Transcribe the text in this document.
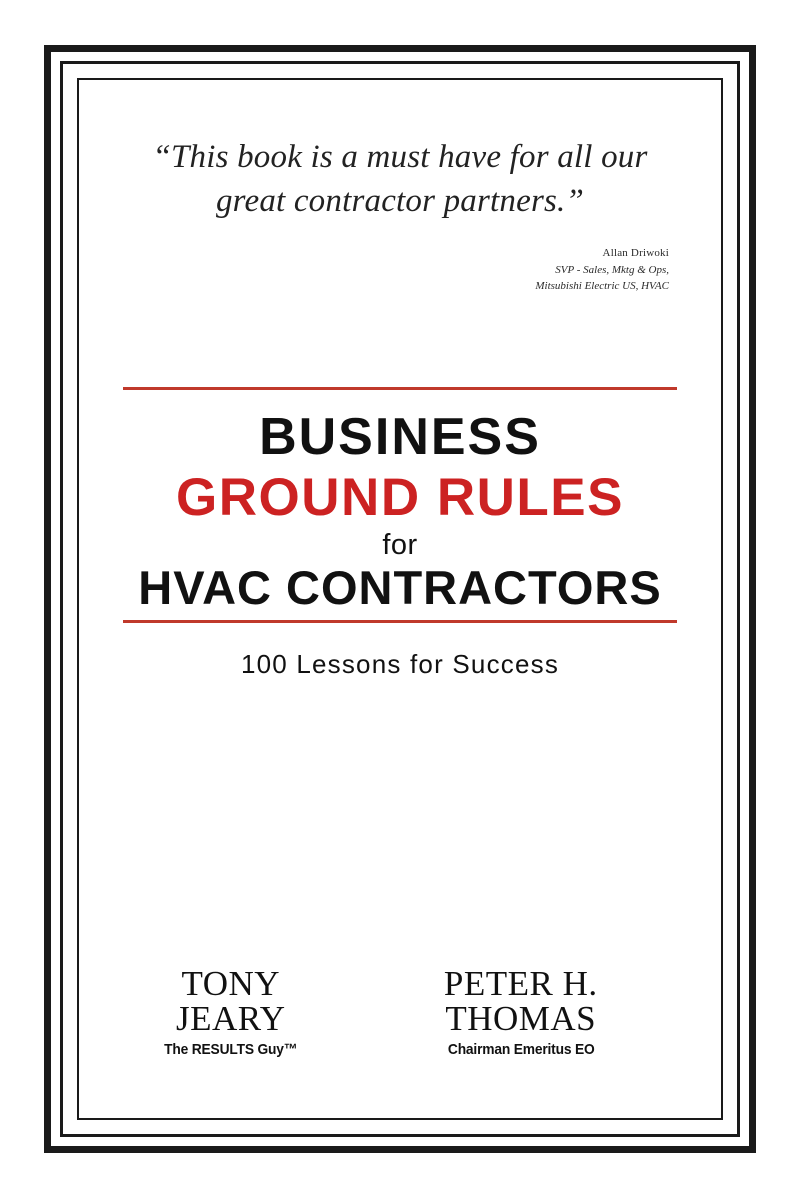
“This book is a must have for all our great contractor partners.”
Allan Driwoki
SVP - Sales, Mktg & Ops,
Mitsubishi Electric US, HVAC
BUSINESS
GROUND RULES
for
HVAC CONTRACTORS
100 Lessons for Success
TONY JEARY
The RESULTS Guy™
PETER H. THOMAS
Chairman Emeritus EO
